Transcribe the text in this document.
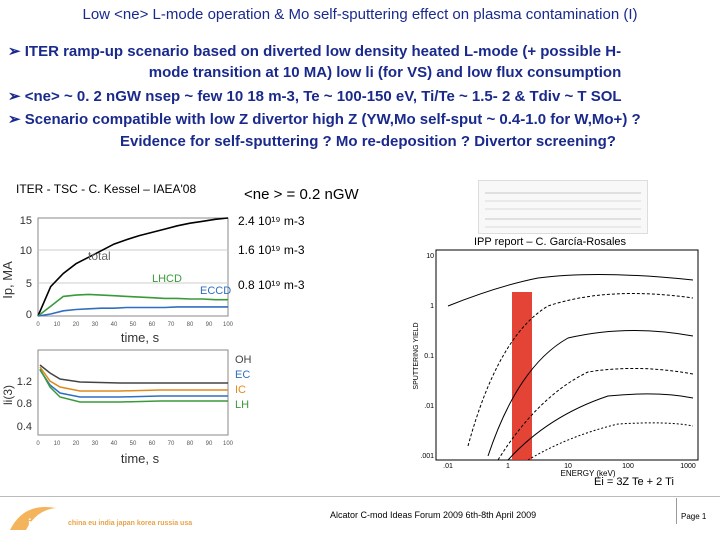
Low <ne> L-mode operation & Mo self-sputtering effect on plasma contamination (I)
➢ ITER ramp-up scenario based on diverted low density heated L-mode (+ possible H-
mode transition at 10 MA) low li (for VS) and low flux consumption
➢ <ne> ~ 0. 2 nGW nsep ~ few 10 18 m-3, Te ~ 100-150 eV, Ti/Te ~ 1.5- 2 & Tdiv ~ T SOL
➢ Scenario compatible with low Z divertor high Z (YW,Mo self-sput ~ 0.4-1.0 for W,Mo+) ?
Evidence for self-sputtering ? Mo re-deposition ? Divertor screening?
ITER - TSC - C. Kessel – IAEA'08	<ne > = 0.2 nGW
15
10
5
0
Ip, MA
0 10 20 30 40 50 60 70 80 90 100
time, s
total
LHCD
ECCD
1.2
0.8
0.4
li(3)
OH
EC
IC
LH
0 10 20 30 40 50 60 70 80 90 100
time, s
2.4 10¹⁹ m-3
1.6 10¹⁹ m-3
0.8 10¹⁹ m-3
IPP report – C. García-Rosales
10
1
0.1
.01
.001
SPUTTERING YIELD
.01	1	10	100	1000
ENERGY (keV)
Ei = 3Z Te + 2 Ti
iter	china eu india japan korea russia usa
Alcator C-mod Ideas Forum 2009 6th-8th April 2009	Page 1
